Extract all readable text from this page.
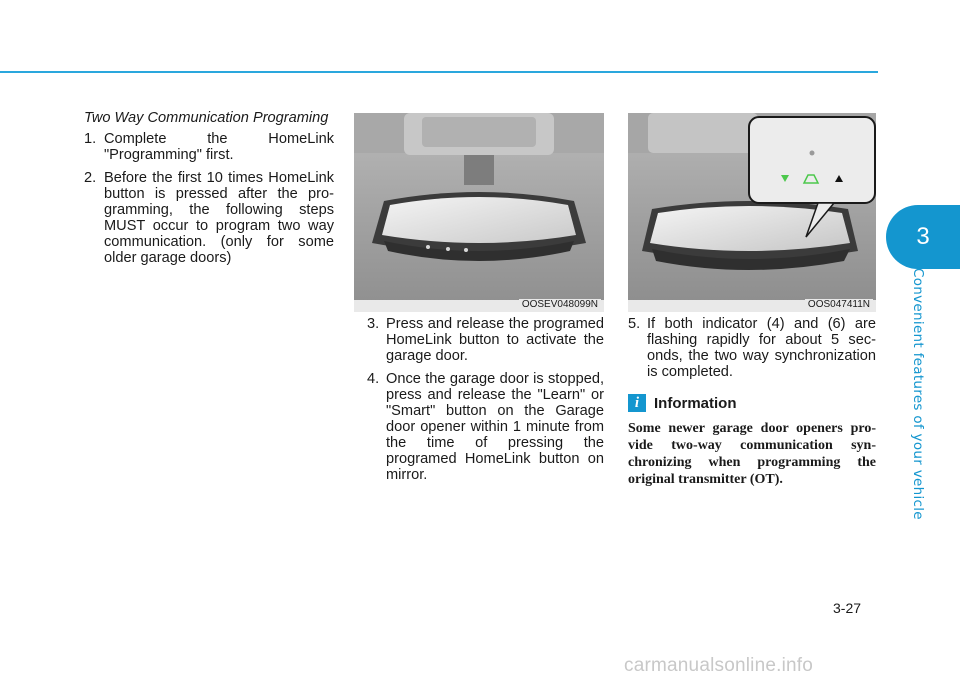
3
Convenient features of your vehicle
Two Way Communication Programing
1. Complete the HomeLink "Programming" first.
2. Before the first 10 times HomeLink button is pressed after the pro-gramming, the following steps MUST occur to program two way communication. (only for some older garage doors)

OOSEV048099N
	OOS047411N
3. Press and release the programed HomeLink button to activate the garage door.
4. Once the garage door is stopped, press and release the "Learn" or "Smart" button on the Garage door opener within 1 minute from the time of pressing the programed HomeLink button on mirror.
5. If both indicator (4) and (6) are flashing rapidly for about 5 sec-onds, the two way synchronization is completed.
i Information
Some newer garage door openers pro-vide two-way communication syn-chronizing when programming the original transmitter (OT).
3-27
carmanualsonline.info
